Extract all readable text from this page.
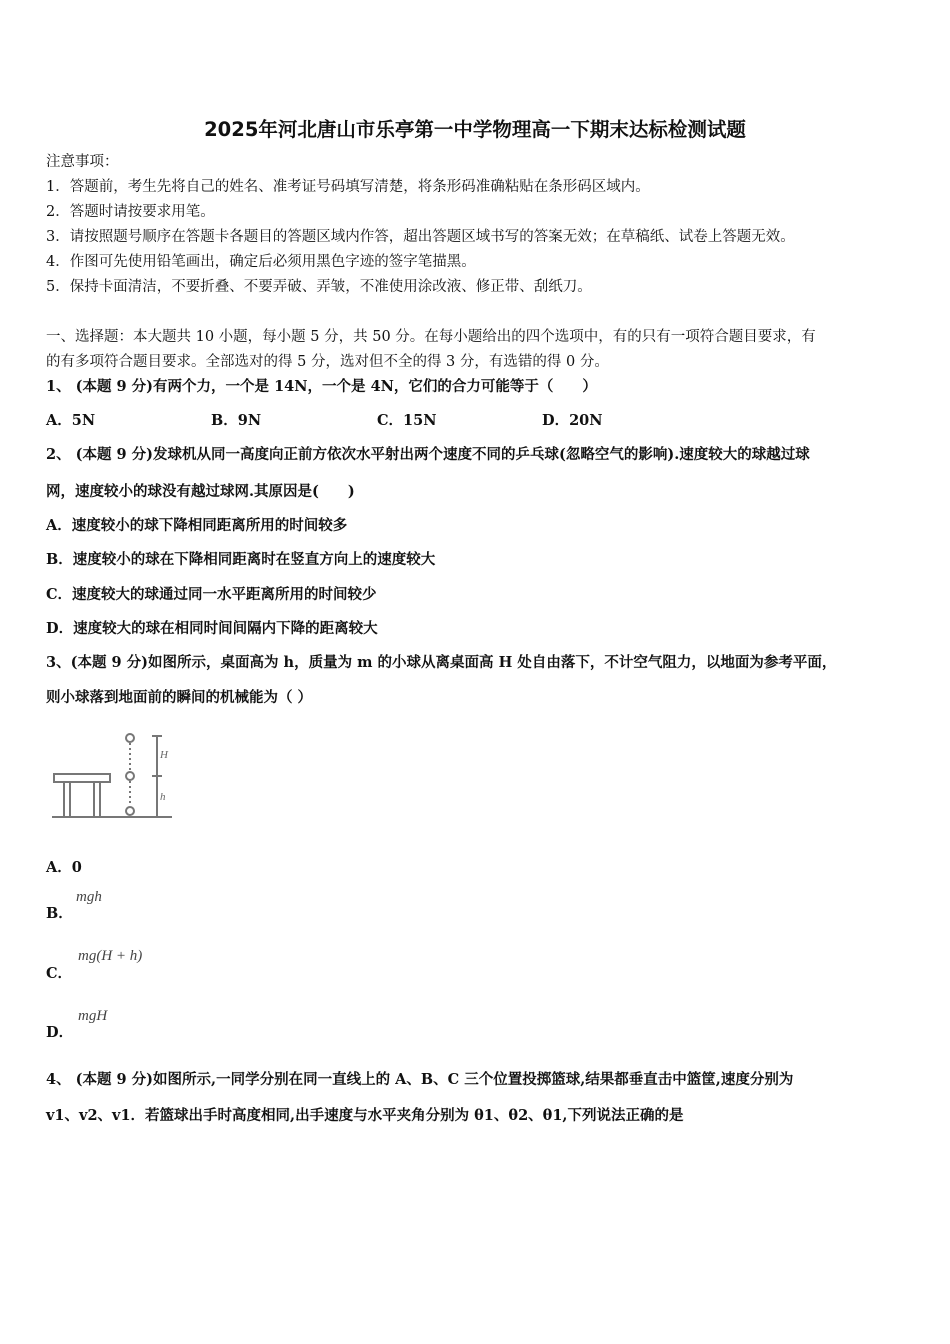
2025年河北唐山市乐亭第一中学物理高一下期末达标检测试题
注意事项：
1．答题前，考生先将自己的姓名、准考证号码填写清楚，将条形码准确粘贴在条形码区域内。
2．答题时请按要求用笔。
3．请按照题号顺序在答题卡各题目的答题区域内作答，超出答题区域书写的答案无效；在草稿纸、试卷上答题无效。
4．作图可先使用铅笔画出，确定后必须用黑色字迹的签字笔描黑。
5．保持卡面清洁，不要折叠、不要弄破、弄皱，不准使用涂改液、修正带、刮纸刀。
一、选择题：本大题共 10 小题，每小题 5 分，共 50 分。在每小题给出的四个选项中，有的只有一项符合题目要求，有
的有多项符合题目要求。全部选对的得 5 分，选对但不全的得 3 分，有选错的得 0 分。
1、 (本题 9 分)有两个力，一个是 14N，一个是 4N，它们的合力可能等于（　　）
A．5N	B．9N	C．15N	D．20N
2、 (本题 9 分)发球机从同一高度向正前方依次水平射出两个速度不同的乒乓球(忽略空气的影响).速度较大的球越过球
网，速度较小的球没有越过球网.其原因是(　　)
A．速度较小的球下降相同距离所用的时间较多
B．速度较小的球在下降相同距离时在竖直方向上的速度较大
C．速度较大的球通过同一水平距离所用的时间较少
D．速度较大的球在相同时间间隔内下降的距离较大
3、(本题 9 分)如图所示，桌面高为 h，质量为 m 的小球从离桌面高 H 处自由落下，不计空气阻力，以地面为参考平面，
则小球落到地面前的瞬间的机械能为（ ）
H
h
A．0
B．
mgh
C．
mg(H + h)
D．
mgH
4、 (本题 9 分)如图所示,一同学分别在同一直线上的 A、B、C 三个位置投掷篮球,结果都垂直击中篮筐,速度分别为
v1、v2、v1．若篮球出手时高度相同,出手速度与水平夹角分别为 θ1、θ2、θ1,下列说法正确的是
